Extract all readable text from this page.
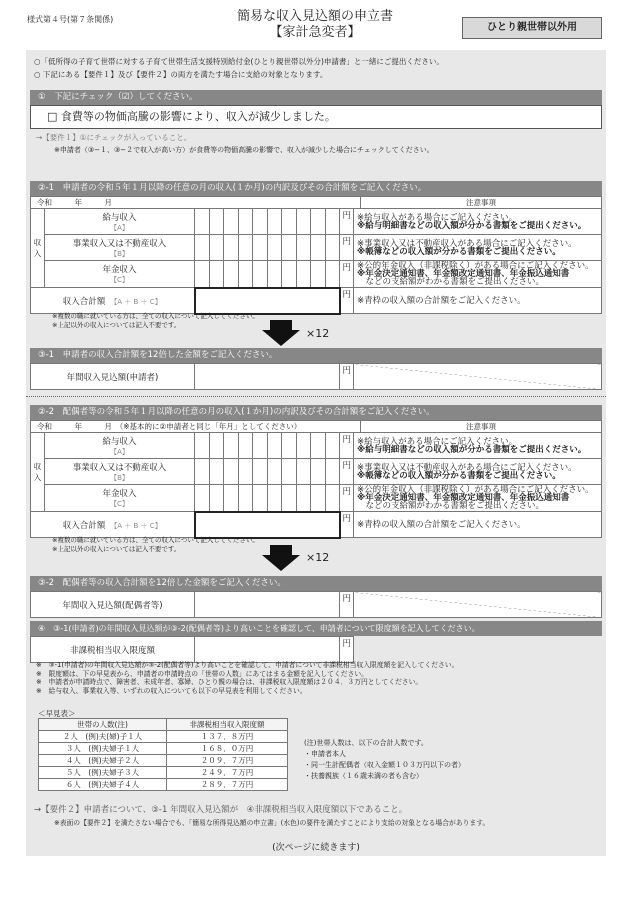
様式第４号(第７条関係)	簡易な収入見込額の申立書
【家計急変者】	ひとり親世帯以外用
○「低所得の子育て世帯に対する子育て世帯生活支援特別給付金(ひとり親世帯以外分)申請書」と一緒にご提出ください。
○ 下記にある【要件１】及び【要件２】の両方を満たす場合に支給の対象となります。
①　下記にチェック（☑）してください。
□ 食費等の物価高騰の影響により、収入が減少しました。
→【要件１】①にチェックが入っていること。
※申請者（③−１、③−２で収入が高い方）が食費等の物価高騰の影響で、収入が減少した場合にチェックしてください。
②-1　申請者の令和５年１月以降の任意の月の収入(１か月)の内訳及びその合計額をご記入ください。
令和　　　年　　　月	注意事項
収入	給与収入
【A】											円	※給与収入がある場合にご記入ください。
※給与明細書などの収入額が分かる書類をご提出ください。
	事業収入又は不動産収入
【B】											円	※事業収入又は不動産収入がある場合にご記入ください。
※帳簿などの収入額が分かる書類をご提出ください。
	年金収入
【C】											円	※公的年金収入（非課税除く）がある場合にご記入ください。
※年金決定通知書、年金額改定通知書、年金振込通知書
　などの支給額がわかる書類をご提出ください。
収入合計額　 【A ＋ B ＋ C】												円	※青枠の収入額の合計額をご記入ください。
※複数の職に就いている方は、全ての収入について記入してください。
※上記以外の収入については記入不要です。
×12
③-1　申請者の収入合計額を12倍した金額をご記入ください。
年間収入見込額(申請者)		円	
②-2　配偶者等の令和５年１月以降の任意の月の収入(１か月)の内訳及びその合計額をご記入ください。
令和　　　年　　　月　（※基本的に②申請者と同じ「年月」としてください）	注意事項
収入	給与収入
【A】											円	※給与収入がある場合にご記入ください。
※給与明細書などの収入額が分かる書類をご提出ください。
	事業収入又は不動産収入
【B】											円	※事業収入又は不動産収入がある場合にご記入ください。
※帳簿などの収入額が分かる書類をご提出ください。
	年金収入
【C】											円	※公的年金収入（非課税除く）がある場合にご記入ください。
※年金決定通知書、年金額改定通知書、年金振込通知書
　などの支給額がわかる書類をご提出ください。
収入合計額　 【A ＋ B ＋ C】												円	※青枠の収入額の合計額をご記入ください。
※複数の職に就いている方は、全ての収入について記入してください。
※上記以外の収入については記入不要です。
×12
③-2　配偶者等の収入合計額を12倍した金額をご記入ください。
年間収入見込額(配偶者等)		円	
④　③-1(申請者)の年間収入見込額が③-2(配偶者等)より高いことを確認して、申請者について限度額を記入してください。
非課税相当収入限度額		円	
※　③-1(申請者)の年間収入見込額が③-2(配偶者等)より高いことを確認して、申請者について非課税相当収入限度額を記入してください。
※　限度額は、下の早見表から、申請者の申請時点の「世帯の人数」にあてはまる金額を記入してください。
※　申請者が申請時点で、障害者、未成年者、寡婦、ひとり親の場合は、非課税収入限度額は２０４．３万円としてください。
※　給与収入、事業収入等、いずれの収入についても以下の早見表を利用してください。
＜早見表＞
世帯の人数(注)	非課税相当収入限度額
２人　(例)夫(婦)子１人	１３７．８万円
３人　(例)夫婦子１人	１６８．０万円
４人　(例)夫婦子２人	２０９．７万円
５人　(例)夫婦子３人	２４９．７万円
６人　(例)夫婦子４人	２８９．７万円
(注)世帯人数は、以下の合計人数です。
・申請者本人
・同一生計配偶者（収入金額１０３万円以下の者）
・扶養親族（１６歳未満の者も含む）
→【要件２】申請者について、③-1 年間収入見込額が　④非課税相当収入限度額以下であること。
※表面の【要件２】を満たさない場合でも、「簡易な所得見込額の申立書」(水色)の要件を満たすことにより支給の対象となる場合があります。
(次ページに続きます)
